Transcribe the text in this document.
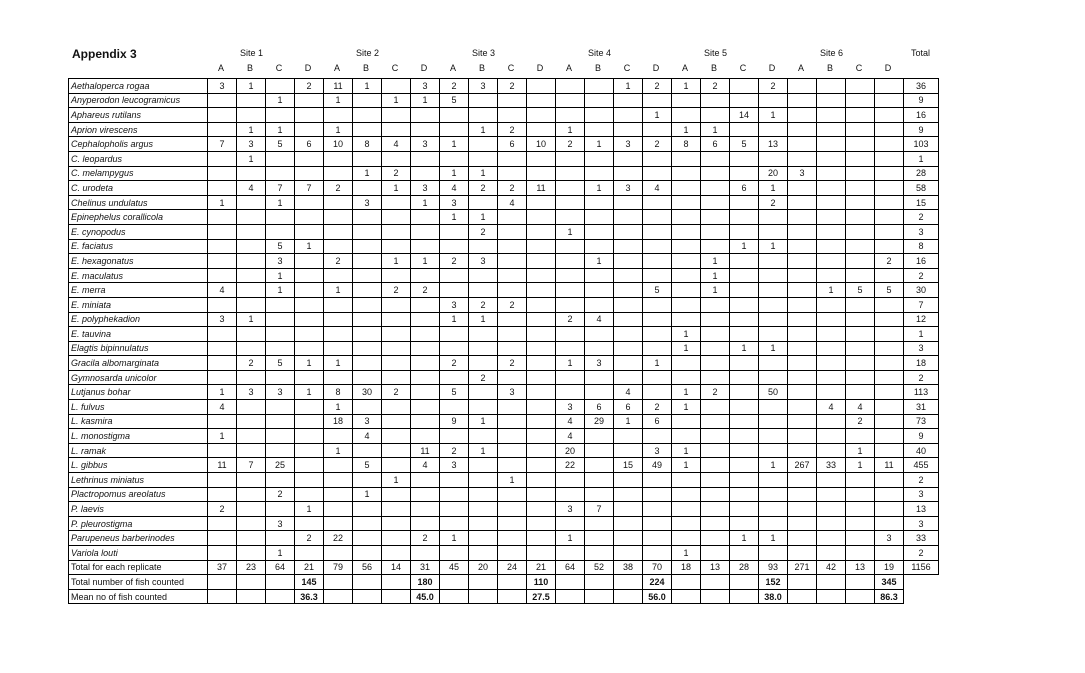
Appendix 3	Site 1
A	B	C	D
Site 2
A	B	C	D
Site 3
A	B	C	D
Site 4
A	B	C	D
Site 5
A	B	C	D
Site 6
A	B	C	D
Total
Aethaloperca rogaa	3	1		2	11	1		3	2	3	2				1	2	1	2		2					36
Anyperodon leucogramicus			1		1		1	1	5																9
Aphareus rutilans																1			14	1					16
Aprion virescens		1	1		1					1	2		1				1	1							9
Cephalopholis argus	7	3	5	6	10	8	4	3	1		6	10	2	1	3	2	8	6	5	13					103
C. leopardus		1																							1
C. melampygus						1	2		1	1										20	3				28
C. urodeta		4	7	7	2		1	3	4	2	2	11		1	3	4			6	1					58
Chelinus undulatus	1		1			3		1	3		4									2					15
Epinephelus corallicola									1	1															2
E. cynopodus										2			1												3
E. faciatus			5	1															1	1					8
E. hexagonatus			3		2		1	1	2	3				1				1						2	16
E. maculatus			1															1							2
E. merra	4		1		1		2	2								5		1				1	5	5	30
E. miniata									3	2	2														7
E. polyphekadion	3	1							1	1			2	4											12
E. tauvina																	1								1
Elagtis bipinnulatus																	1		1	1					3
Gracila albomarginata		2	5	1	1				2		2		1	3		1									18
Gymnosarda unicolor										2															2
Lutjanus bohar	1	3	3	1	8	30	2		5		3				4		1	2		50					113
L. fulvus	4				1								3	6	6	2	1					4	4		31
L. kasmira					18	3			9	1			4	29	1	6							2		73
L. monostigma	1					4							4												9
L. ramak					1			11	2	1			20			3	1						1		40
L. gibbus	11	7	25			5		4	3				22		15	49	1			1	267	33	1	11	455
Lethrinus miniatus							1				1														2
Plactropomus areolatus			2			1																			3
P. laevis	2			1									3	7											13
P. pleurostigma			3																						3
Parupeneus barberinodes				2	22			2	1				1						1	1				3	33
Variola louti			1														1								2
Total for each replicate	37	23	64	21	79	56	14	31	45	20	24	21	64	52	38	70	18	13	28	93	271	42	13	19	1156
Total number of fish counted				145				180				110				224				152				345	
Mean no of fish counted				36.3				45.0				27.5				56.0				38.0				86.3	
